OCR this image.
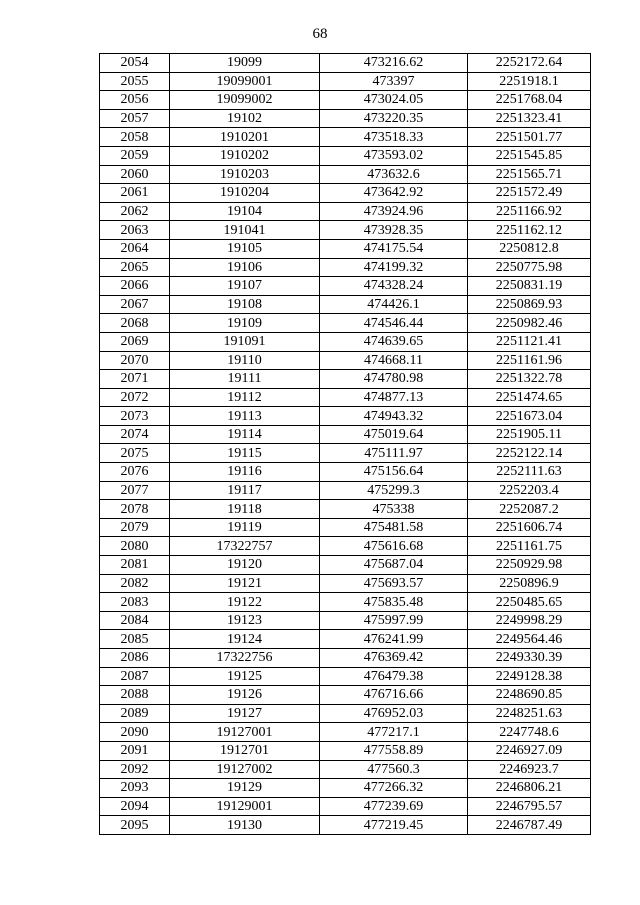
68
2054	19099	473216.62	2252172.64
2055	19099001	473397	2251918.1
2056	19099002	473024.05	2251768.04
2057	19102	473220.35	2251323.41
2058	1910201	473518.33	2251501.77
2059	1910202	473593.02	2251545.85
2060	1910203	473632.6	2251565.71
2061	1910204	473642.92	2251572.49
2062	19104	473924.96	2251166.92
2063	191041	473928.35	2251162.12
2064	19105	474175.54	2250812.8
2065	19106	474199.32	2250775.98
2066	19107	474328.24	2250831.19
2067	19108	474426.1	2250869.93
2068	19109	474546.44	2250982.46
2069	191091	474639.65	2251121.41
2070	19110	474668.11	2251161.96
2071	19111	474780.98	2251322.78
2072	19112	474877.13	2251474.65
2073	19113	474943.32	2251673.04
2074	19114	475019.64	2251905.11
2075	19115	475111.97	2252122.14
2076	19116	475156.64	2252111.63
2077	19117	475299.3	2252203.4
2078	19118	475338	2252087.2
2079	19119	475481.58	2251606.74
2080	17322757	475616.68	2251161.75
2081	19120	475687.04	2250929.98
2082	19121	475693.57	2250896.9
2083	19122	475835.48	2250485.65
2084	19123	475997.99	2249998.29
2085	19124	476241.99	2249564.46
2086	17322756	476369.42	2249330.39
2087	19125	476479.38	2249128.38
2088	19126	476716.66	2248690.85
2089	19127	476952.03	2248251.63
2090	19127001	477217.1	2247748.6
2091	1912701	477558.89	2246927.09
2092	19127002	477560.3	2246923.7
2093	19129	477266.32	2246806.21
2094	19129001	477239.69	2246795.57
2095	19130	477219.45	2246787.49
